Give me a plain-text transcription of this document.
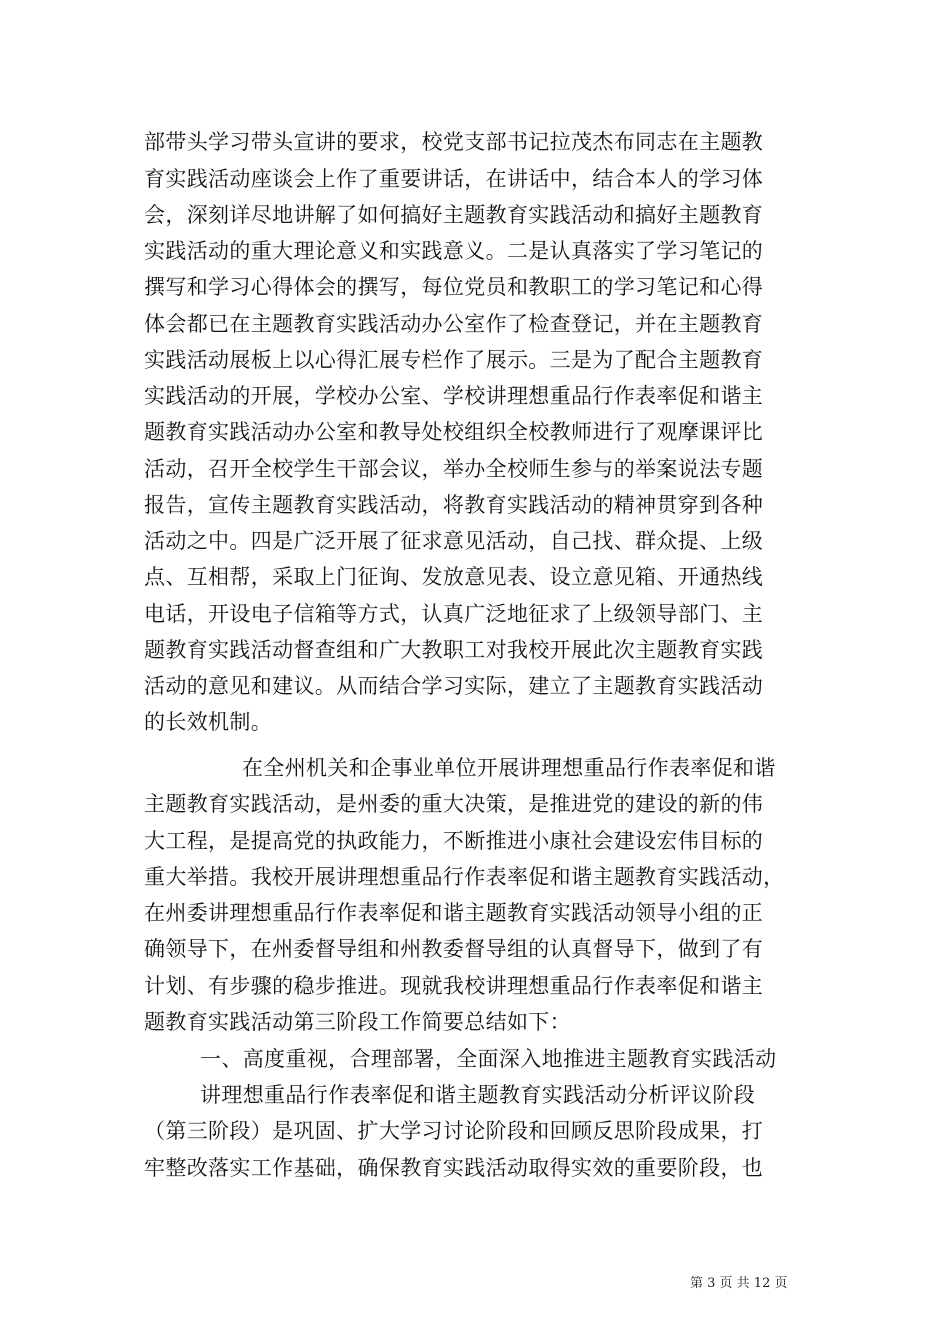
部带头学习带头宣讲的要求，校党支部书记拉茂杰布同志在主题教
育实践活动座谈会上作了重要讲话，在讲话中，结合本人的学习体
会，深刻详尽地讲解了如何搞好主题教育实践活动和搞好主题教育
实践活动的重大理论意义和实践意义。二是认真落实了学习笔记的
撰写和学习心得体会的撰写，每位党员和教职工的学习笔记和心得
体会都已在主题教育实践活动办公室作了检查登记，并在主题教育
实践活动展板上以心得汇展专栏作了展示。三是为了配合主题教育
实践活动的开展，学校办公室、学校讲理想重品行作表率促和谐主
题教育实践活动办公室和教导处校组织全校教师进行了观摩课评比
活动，召开全校学生干部会议，举办全校师生参与的举案说法专题
报告，宣传主题教育实践活动，将教育实践活动的精神贯穿到各种
活动之中。四是广泛开展了征求意见活动，自己找、群众提、上级
点、互相帮，采取上门征询、发放意见表、设立意见箱、开通热线
电话，开设电子信箱等方式，认真广泛地征求了上级领导部门、主
题教育实践活动督查组和广大教职工对我校开展此次主题教育实践
活动的意见和建议。从而结合学习实际，建立了主题教育实践活动
的长效机制。
在全州机关和企事业单位开展讲理想重品行作表率促和谐
主题教育实践活动，是州委的重大决策，是推进党的建设的新的伟
大工程，是提高党的执政能力，不断推进小康社会建设宏伟目标的
重大举措。我校开展讲理想重品行作表率促和谐主题教育实践活动，
在州委讲理想重品行作表率促和谐主题教育实践活动领导小组的正
确领导下，在州委督导组和州教委督导组的认真督导下，做到了有
计划、有步骤的稳步推进。现就我校讲理想重品行作表率促和谐主
题教育实践活动第三阶段工作简要总结如下：
一、高度重视，合理部署，全面深入地推进主题教育实践活动
讲理想重品行作表率促和谐主题教育实践活动分析评议阶段
（第三阶段）是巩固、扩大学习讨论阶段和回顾反思阶段成果，打
牢整改落实工作基础，确保教育实践活动取得实效的重要阶段，也
第 3 页 共 12 页
